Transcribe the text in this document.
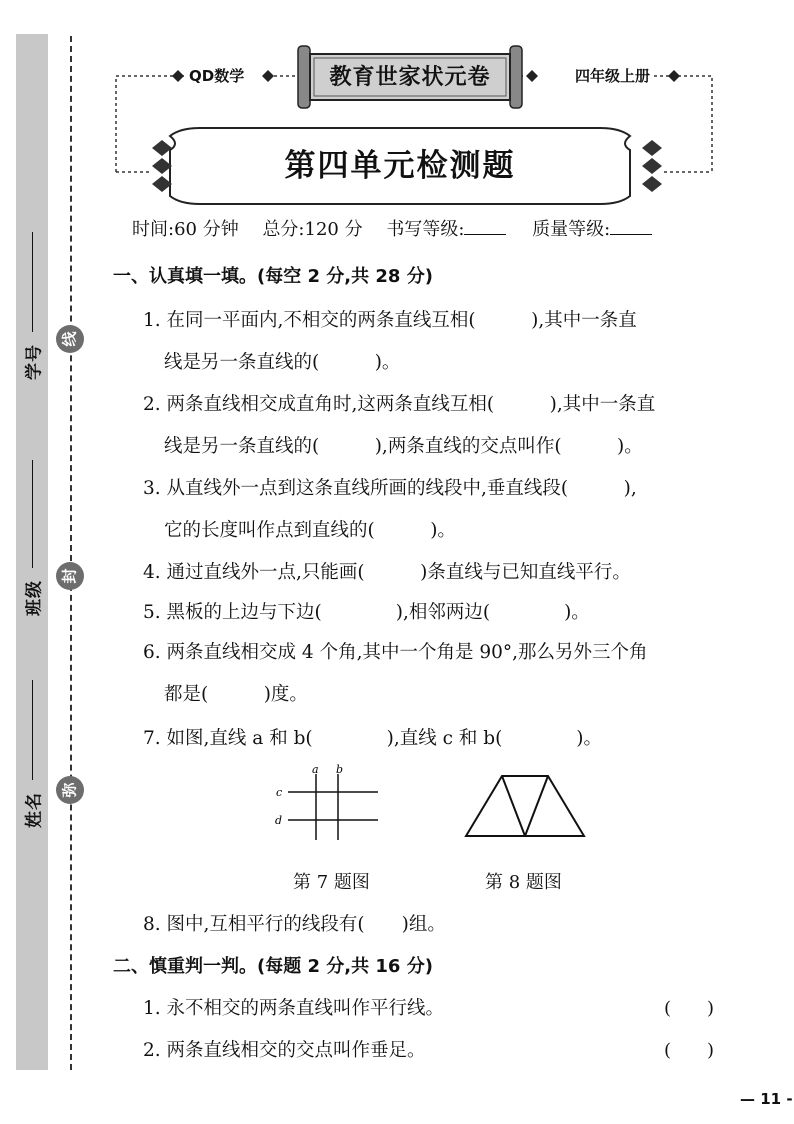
学号
班级
姓名
线
封
弥
QD数学	教育世家状元卷	四年级上册
第四单元检测题
时间:60 分钟 总分:120 分 书写等级:	质量等级:
一、认真填一填。(每空 2 分,共 28 分)
1. 在同一平面内,不相交的两条直线互相(　　　),其中一条直
线是另一条直线的(　　　)。
2. 两条直线相交成直角时,这两条直线互相(　　　),其中一条直
线是另一条直线的(　　　),两条直线的交点叫作(　　　)。
3. 从直线外一点到这条直线所画的线段中,垂直线段(　　　),
它的长度叫作点到直线的(　　　)。
4. 通过直线外一点,只能画(　　　)条直线与已知直线平行。
5. 黑板的上边与下边(　　　　),相邻两边(　　　　)。
6. 两条直线相交成 4 个角,其中一个角是 90°,那么另外三个角
都是(　　　)度。
7. 如图,直线 a 和 b(　　　　),直线 c 和 b(　　　　)。
a b
c
d
第 7 题图	第 8 题图
8. 图中,互相平行的线段有(　　)组。
二、慎重判一判。(每题 2 分,共 16 分)
1. 永不相交的两条直线叫作平行线。	(　　)
2. 两条直线相交的交点叫作垂足。	(　　)
— 11 -
